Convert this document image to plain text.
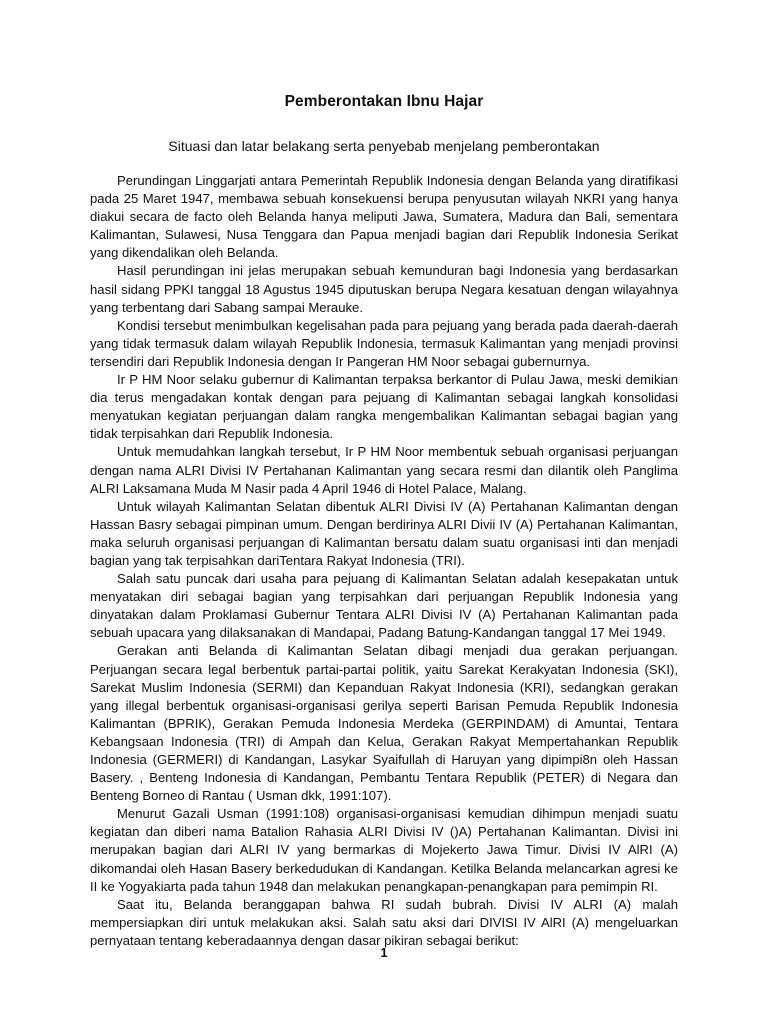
Pemberontakan Ibnu Hajar
Situasi dan latar belakang serta penyebab menjelang pemberontakan

Perundingan Linggarjati antara Pemerintah Republik Indonesia dengan Belanda yang diratifikasi pada 25 Maret 1947, membawa sebuah konsekuensi berupa penyusutan wilayah NKRI yang hanya diakui secara de facto oleh Belanda hanya meliputi Jawa, Sumatera, Madura dan Bali, sementara Kalimantan, Sulawesi, Nusa Tenggara dan Papua menjadi bagian dari Republik Indonesia Serikat yang dikendalikan oleh Belanda.

Hasil perundingan ini jelas merupakan sebuah kemunduran bagi Indonesia yang berdasarkan hasil sidang PPKI tanggal 18 Agustus 1945 diputuskan berupa Negara kesatuan dengan wilayahnya yang terbentang dari Sabang sampai Merauke.

Kondisi tersebut menimbulkan kegelisahan pada para pejuang yang berada pada daerah-daerah yang tidak termasuk dalam wilayah Republik Indonesia, termasuk Kalimantan yang menjadi provinsi tersendiri dari Republik Indonesia dengan Ir Pangeran HM Noor sebagai gubernurnya.

Ir P HM Noor selaku gubernur di Kalimantan terpaksa berkantor di Pulau Jawa, meski demikian dia terus mengadakan kontak dengan para pejuang di Kalimantan sebagai langkah konsolidasi menyatukan kegiatan perjuangan dalam rangka mengembalikan Kalimantan sebagai bagian yang tidak terpisahkan dari Republik Indonesia.

Untuk memudahkan langkah tersebut, Ir P HM Noor membentuk sebuah organisasi perjuangan dengan nama ALRI Divisi IV Pertahanan Kalimantan yang secara resmi dan dilantik oleh Panglima ALRI Laksamana Muda M Nasir pada 4 April 1946 di Hotel Palace, Malang.

Untuk wilayah Kalimantan Selatan dibentuk ALRI Divisi IV (A) Pertahanan Kalimantan dengan Hassan Basry sebagai pimpinan umum. Dengan berdirinya ALRI Divii IV (A) Pertahanan Kalimantan, maka seluruh organisasi perjuangan di Kalimantan bersatu dalam suatu organisasi inti dan menjadi bagian yang tak terpisahkan dariTentara Rakyat Indonesia (TRI).

Salah satu puncak dari usaha para pejuang di Kalimantan Selatan adalah kesepakatan untuk menyatakan diri sebagai bagian yang terpisahkan dari perjuangan Republik Indonesia yang dinyatakan dalam Proklamasi Gubernur Tentara ALRI Divisi IV (A) Pertahanan Kalimantan pada sebuah upacara yang dilaksanakan di Mandapai, Padang Batung-Kandangan tanggal 17 Mei 1949.

Gerakan anti Belanda di Kalimantan Selatan dibagi menjadi dua gerakan perjuangan. Perjuangan secara legal berbentuk partai-partai politik, yaitu Sarekat Kerakyatan Indonesia (SKI), Sarekat Muslim Indonesia (SERMI) dan Kepanduan Rakyat Indonesia (KRI), sedangkan gerakan yang illegal berbentuk organisasi-organisasi gerilya seperti Barisan Pemuda Republik Indonesia Kalimantan (BPRIK), Gerakan Pemuda Indonesia Merdeka (GERPINDAM) di Amuntai, Tentara Kebangsaan Indonesia (TRI) di Ampah dan Kelua, Gerakan Rakyat Mempertahankan Republik Indonesia (GERMERI) di Kandangan, Lasykar Syaifullah di Haruyan yang dipimpi8n oleh Hassan Basery. , Benteng Indonesia di Kandangan, Pembantu Tentara Republik (PETER) di Negara dan Benteng Borneo di Rantau ( Usman dkk, 1991:107).

Menurut Gazali Usman (1991:108) organisasi-organisasi kemudian dihimpun menjadi suatu kegiatan dan diberi nama Batalion Rahasia ALRI Divisi IV ()A) Pertahanan Kalimantan. Divisi ini merupakan bagian dari ALRI IV yang bermarkas di Mojekerto Jawa Timur. Divisi IV AlRI (A) dikomandai oleh Hasan Basery berkedudukan di Kandangan. Ketilka Belanda melancarkan agresi ke II ke Yogyakiarta pada tahun 1948 dan melakukan penangkapan-penangkapan para pemimpin RI.

Saat itu, Belanda beranggapan bahwa RI sudah bubrah. Divisi IV ALRI (A) malah mempersiapkan diri untuk melakukan aksi. Salah satu aksi dari DIVISI IV AlRI (A) mengeluarkan pernyataan tentang keberadaannya dengan dasar pikiran sebagai berikut:

1
